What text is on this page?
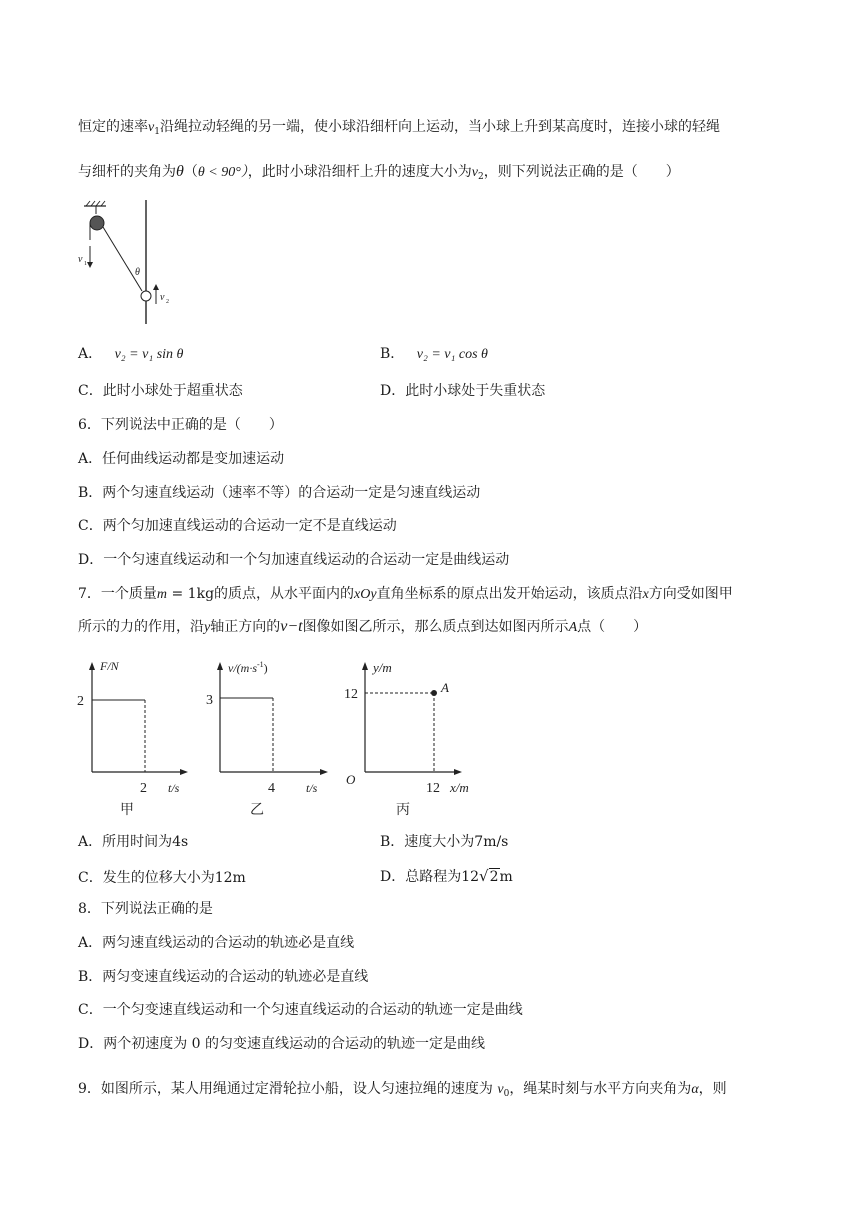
恒定的速率$v_1$沿绳拉动轻绳的另一端，使小球沿细杆向上运动，当小球上升到某高度时，连接小球的轻绳
与细杆的夹角为θ（θ < 90°），此时小球沿细杆上升的速度大小为$v_2$，则下列说法正确的是（　　）
v 1
θ
v 2
A． v₂ = v₁ sin θ	B． v₂ = v₁ cos θ
C．此时小球处于超重状态	D．此时小球处于失重状态
6．下列说法中正确的是（　　）
A．任何曲线运动都是变加速运动
B．两个匀速直线运动（速率不等）的合运动一定是匀速直线运动
C．两个匀加速直线运动的合运动一定不是直线运动
D．一个匀速直线运动和一个匀加速直线运动的合运动一定是曲线运动
7．一个质量m = 1kg的质点，从水平面内的xOy直角坐标系的原点出发开始运动，该质点沿x方向受如图甲
所示的力的作用，沿y轴正方向的v−t图像如图乙所示，那么质点到达如图丙所示A点（　　）
F/N
2
2 t/s
甲
$v/(m\cdot s^{-1})$
3
4	t/s
乙
y/m
12	A
O
12 x/m
丙
A．所用时间为4s	B．速度大小为7m/s
C．发生的位移大小为12m	D．总路程为12√2m
8．下列说法正确的是
A．两匀速直线运动的合运动的轨迹必是直线
B．两匀变速直线运动的合运动的轨迹必是直线
C．一个匀变速直线运动和一个匀速直线运动的合运动的轨迹一定是曲线
D．两个初速度为 0 的匀变速直线运动的合运动的轨迹一定是曲线
9．如图所示，某人用绳通过定滑轮拉小船，设人匀速拉绳的速度为 $v_0$，绳某时刻与水平方向夹角为α，则
